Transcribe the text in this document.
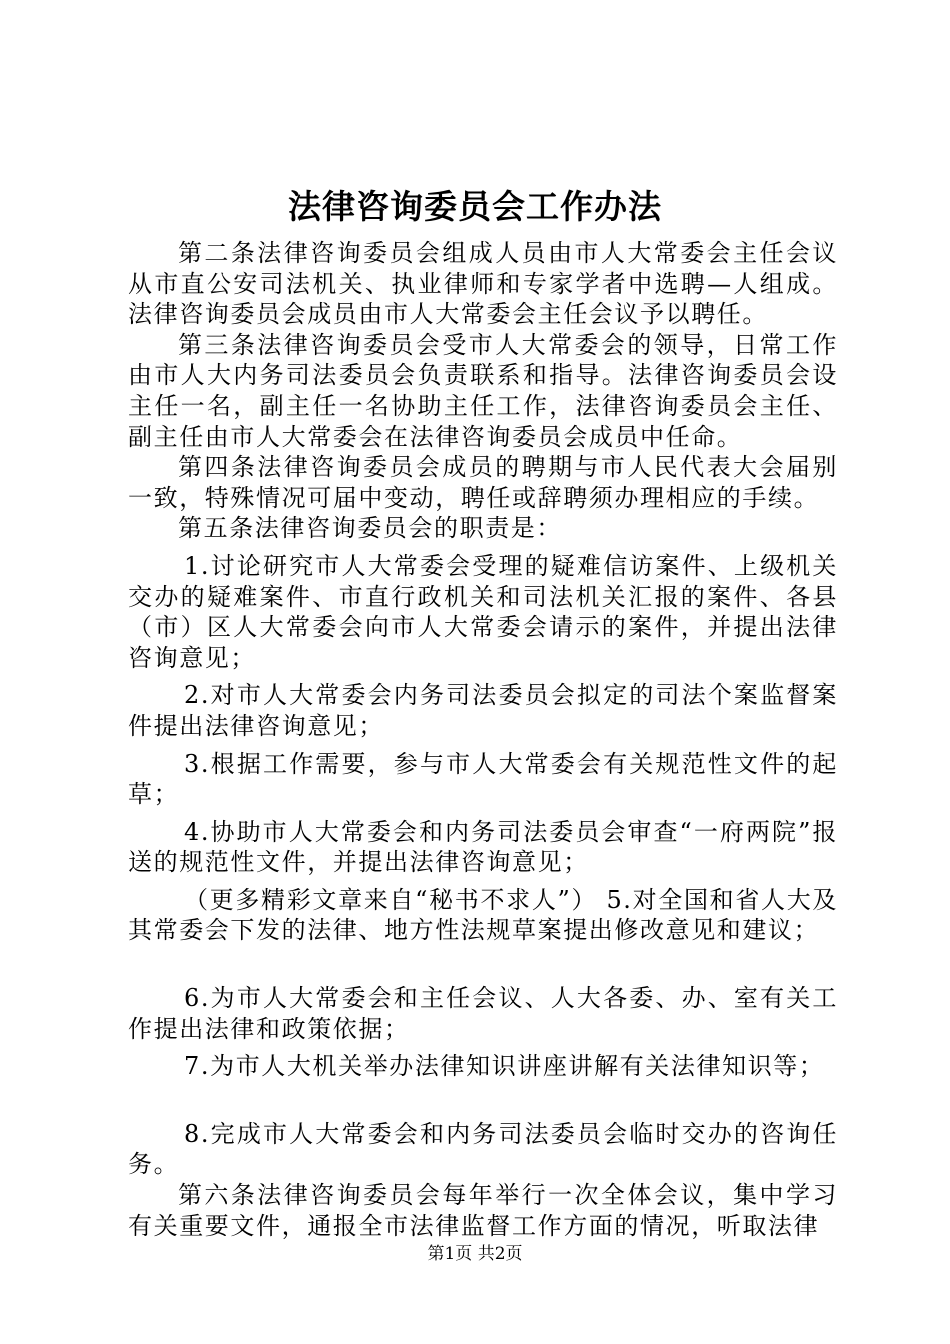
法律咨询委员会工作办法

第二条法律咨询委员会组成人员由市人大常委会主任会议从市直公安司法机关、执业律师和专家学者中选聘—人组成。法律咨询委员会成员由市人大常委会主任会议予以聘任。

第三条法律咨询委员会受市人大常委会的领导，日常工作由市人大内务司法委员会负责联系和指导。法律咨询委员会设主任一名，副主任一名协助主任工作，法律咨询委员会主任、副主任由市人大常委会在法律咨询委员会成员中任命。

第四条法律咨询委员会成员的聘期与市人民代表大会届别一致，特殊情况可届中变动，聘任或辞聘须办理相应的手续。

第五条法律咨询委员会的职责是：

1.讨论研究市人大常委会受理的疑难信访案件、上级机关交办的疑难案件、市直行政机关和司法机关汇报的案件、各县（市）区人大常委会向市人大常委会请示的案件，并提出法律咨询意见；

2.对市人大常委会内务司法委员会拟定的司法个案监督案件提出法律咨询意见；

3.根据工作需要，参与市人大常委会有关规范性文件的起草；

4.协助市人大常委会和内务司法委员会审查“一府两院”报送的规范性文件，并提出法律咨询意见；

（更多精彩文章来自“秘书不求人”） 5.对全国和省人大及其常委会下发的法律、地方性法规草案提出修改意见和建议；

6.为市人大常委会和主任会议、人大各委、办、室有关工作提出法律和政策依据；

7.为市人大机关举办法律知识讲座讲解有关法律知识等；

8.完成市人大常委会和内务司法委员会临时交办的咨询任务。

第六条法律咨询委员会每年举行一次全体会议，集中学习有关重要文件，通报全市法律监督工作方面的情况，听取法律

第1页 共2页
